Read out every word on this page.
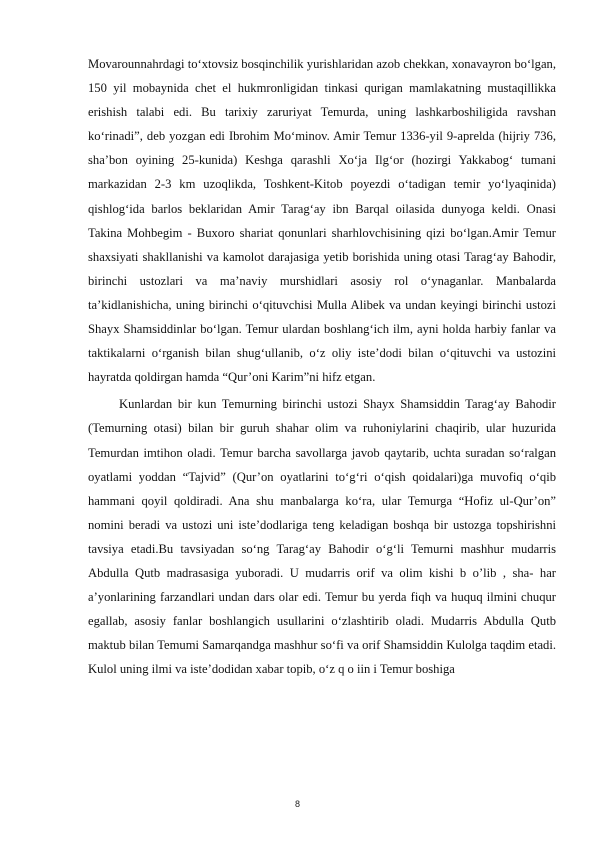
Movarounnahrdagi to‘xtovsiz bosqinchilik yurishlaridan azob chekkan, xonavayron bo‘lgan, 150 yil mobaynida chet el hukmronligidan tinkasi qurigan mamlakatning mustaqillikka erishish talabi edi. Bu tarixiy zaruriyat Temurda, uning lashkarboshiligida ravshan ko‘rinadi”, deb yozgan edi Ibrohim Mo‘minov. Amir Temur 1336-yil 9-aprelda (hijriy 736, sha’bon oyining 25-kunida) Keshga qarashli Xo‘ja Ilg‘or (hozirgi Yakkabog‘ tumani markazidan 2-3 km uzoqlikda, Toshkent-Kitob poyezdi o‘tadigan temir yo‘lyaqinida) qishlog‘ida barlos beklaridan Amir Tarag‘ay ibn Barqal oilasida dunyoga keldi. Onasi Takina Mohbegim - Buxoro shariat qonunlari sharhlovchisining qizi bo‘lgan.Amir Temur shaxsiyati shakllanishi va kamolot darajasiga yetib borishida uning otasi Tarag‘ay Bahodir, birinchi ustozlari va ma’naviy murshidlari asosiy rol o‘ynaganlar. Manbalarda ta’kidlanishicha, uning birinchi o‘qituvchisi Mulla Alibek va undan keyingi birinchi ustozi Shayx Shamsiddinlar bo‘lgan. Temur ulardan boshlang‘ich ilm, ayni holda harbiy fanlar va taktikalarni o‘rganish bilan shug‘ullanib, o‘z oliy iste’dodi bilan o‘qituvchi va ustozini hayratda qoldirgan hamda “Qur’oni Karim”ni hifz etgan.

Kunlardan bir kun Temurning birinchi ustozi Shayx Shamsiddin Tarag‘ay Bahodir (Temurning otasi) bilan bir guruh shahar olim va ruhoniylarini chaqirib, ular huzurida Temurdan imtihon oladi. Temur barcha savollarga javob qaytarib, uchta suradan so‘ralgan oyatlami yoddan “Tajvid” (Qur’on oyatlarini to‘g‘ri o‘qish qoidalari)ga muvofiq o‘qib hammani qoyil qoldiradi. Ana shu manbalarga ko‘ra, ular Temurga “Hofiz ul-Qur’on” nomini beradi va ustozi uni iste’dodlariga teng keladigan boshqa bir ustozga topshirishni tavsiya etadi.Bu tavsiyadan so‘ng Tarag‘ay Bahodir o‘g‘li Temurni mashhur mudarris Abdulla Qutb madrasasiga yuboradi. U mudarris orif va olim kishi b o’lib , sha- har a’yonlarining farzandlari undan dars olar edi. Temur bu yerda fiqh va huquq ilmini chuqur egallab, asosiy fanlar boshlangich usullarini o‘zlashtirib oladi. Mudarris Abdulla Qutb maktub bilan Temumi Samarqandga mashhur so‘fi va orif Shamsiddin Kulolga taqdim etadi. Kulol uning ilmi va iste’dodidan xabar topib, o‘z q o iin i Temur boshiga

8
